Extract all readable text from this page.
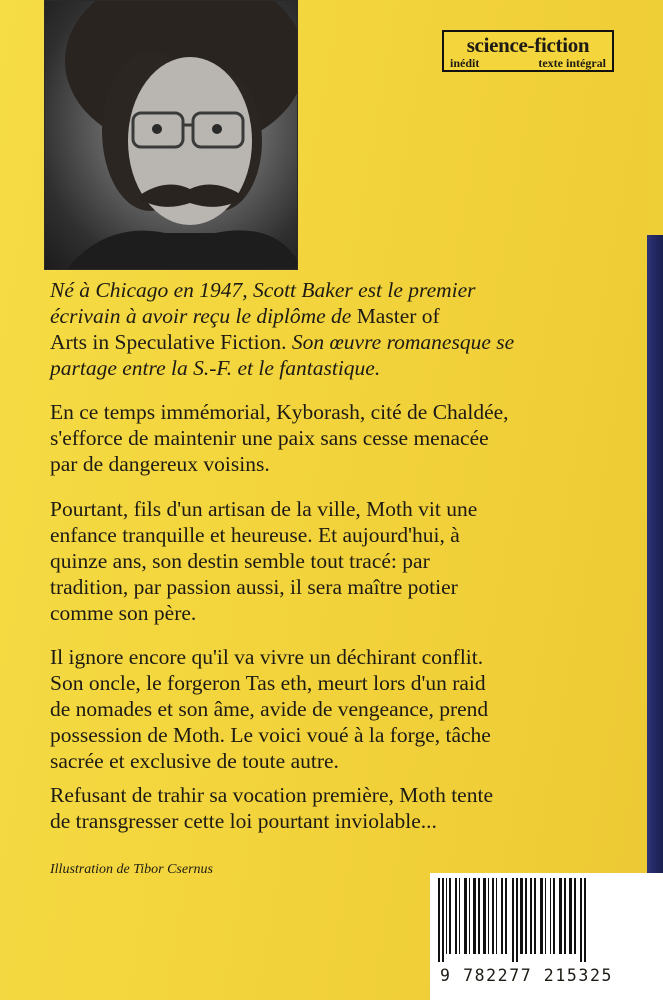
science-fiction
inédit	texte intégral
Né à Chicago en 1947, Scott Baker est le premier
écrivain à avoir reçu le diplôme de Master of
Arts in Speculative Fiction. Son œuvre romanesque se
partage entre la S.-F. et le fantastique.
En ce temps immémorial, Kyborash, cité de Chaldée,
s'efforce de maintenir une paix sans cesse menacée
par de dangereux voisins.
Pourtant, fils d'un artisan de la ville, Moth vit une
enfance tranquille et heureuse. Et aujourd'hui, à
quinze ans, son destin semble tout tracé: par
tradition, par passion aussi, il sera maître potier
comme son père.
Il ignore encore qu'il va vivre un déchirant conflit.
Son oncle, le forgeron Tas eth, meurt lors d'un raid
de nomades et son âme, avide de vengeance, prend
possession de Moth. Le voici voué à la forge, tâche
sacrée et exclusive de toute autre.
Refusant de trahir sa vocation première, Moth tente
de transgresser cette loi pourtant inviolable...
Illustration de Tibor Csernus
9 782277 215325
